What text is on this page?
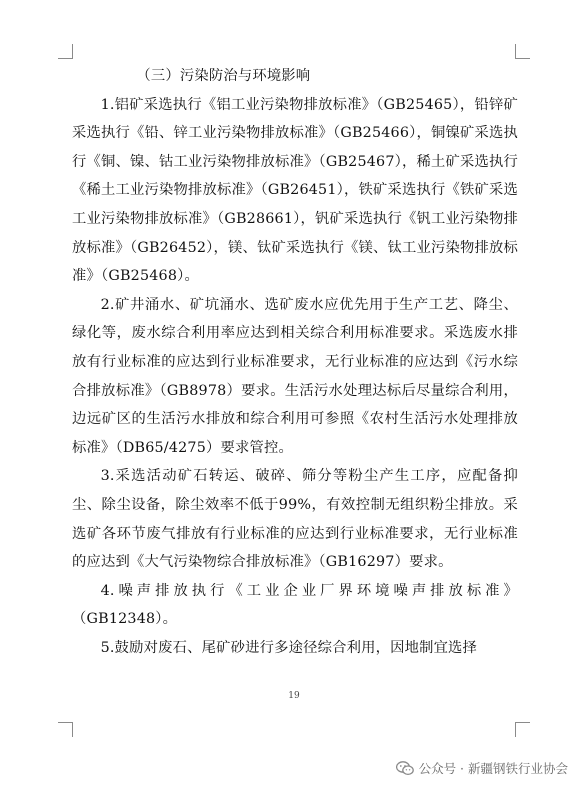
（三）污染防治与环境影响

1.铝矿采选执行《铝工业污染物排放标准》（GB25465），铅锌矿采选执行《铅、锌工业污染物排放标准》（GB25466），铜镍矿采选执行《铜、镍、钴工业污染物排放标准》（GB25467），稀土矿采选执行《稀土工业污染物排放标准》（GB26451），铁矿采选执行《铁矿采选工业污染物排放标准》（GB28661），钒矿采选执行《钒工业污染物排放标准》（GB26452），镁、钛矿采选执行《镁、钛工业污染物排放标准》（GB25468）。

2.矿井涌水、矿坑涌水、选矿废水应优先用于生产工艺、降尘、绿化等，废水综合利用率应达到相关综合利用标准要求。采选废水排放有行业标准的应达到行业标准要求，无行业标准的应达到《污水综合排放标准》（GB8978）要求。生活污水处理达标后尽量综合利用，边远矿区的生活污水排放和综合利用可参照《农村生活污水处理排放标准》（DB65/4275）要求管控。

3.采选活动矿石转运、破碎、筛分等粉尘产生工序，应配备抑尘、除尘设备，除尘效率不低于99%，有效控制无组织粉尘排放。采选矿各环节废气排放有行业标准的应达到行业标准要求，无行业标准的应达到《大气污染物综合排放标准》（GB16297）要求。

4.噪声排放执行《工业企业厂界环境噪声排放标准》（GB12348）。

5.鼓励对废石、尾矿砂进行多途径综合利用，因地制宜选择

19
公众号 · 新疆钢铁行业协会
